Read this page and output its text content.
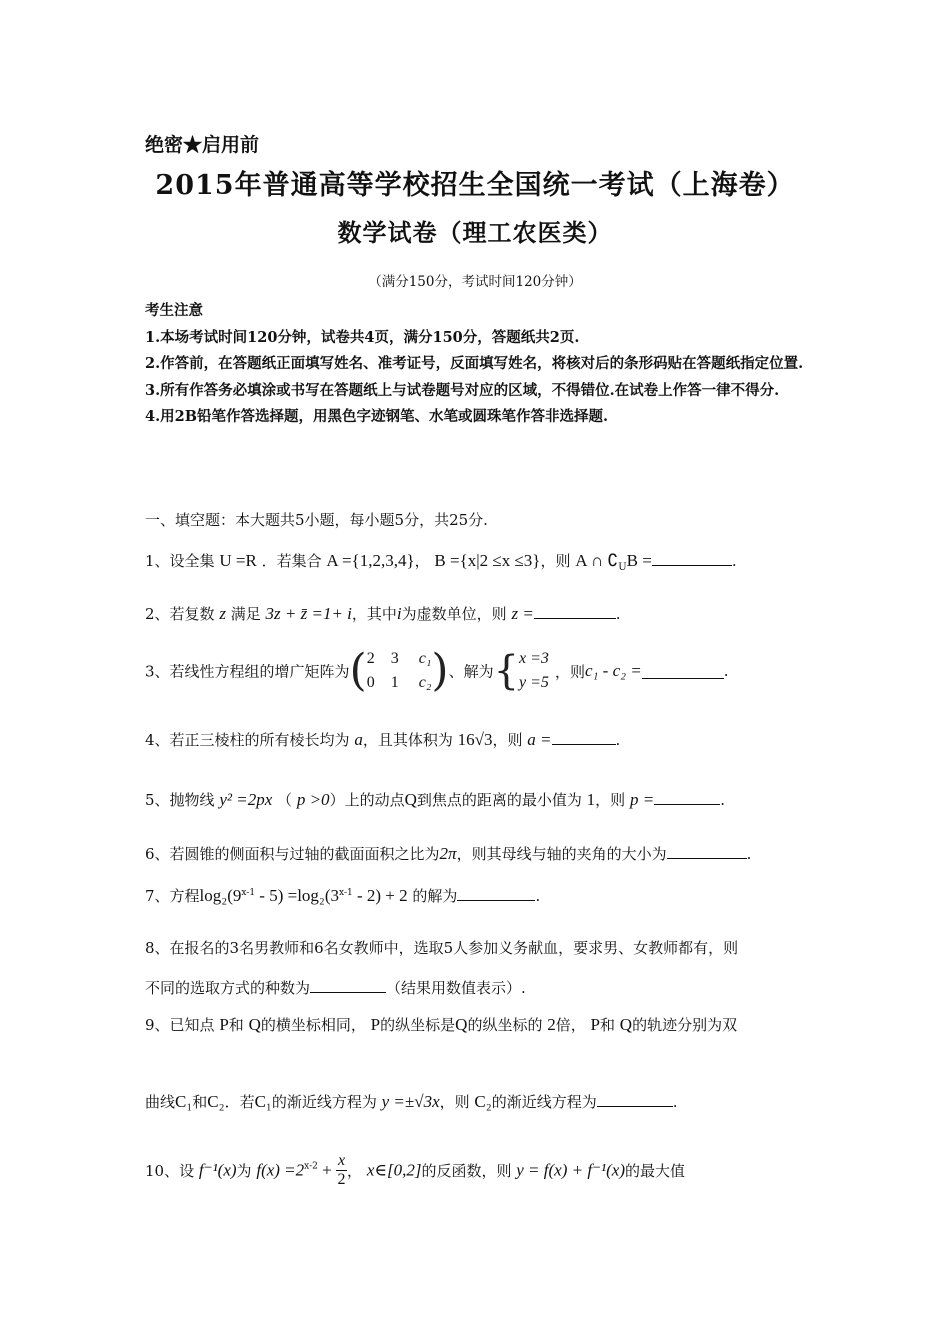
绝密★启用前
2015年普通高等学校招生全国统一考试（上海卷）
数学试卷（理工农医类）
（满分150分，考试时间120分钟）
考生注意
1.本场考试时间120分钟，试卷共4页，满分150分，答题纸共2页.
2.作答前，在答题纸正面填写姓名、准考证号，反面填写姓名，将核对后的条形码贴在答题纸指定位置.
3.所有作答务必填涂或书写在答题纸上与试卷题号对应的区域，不得错位.在试卷上作答一律不得分.
4.用2B铅笔作答选择题，用黑色字迹钢笔、水笔或圆珠笔作答非选择题.
一、填空题：本大题共5小题，每小题5分，共25分.
1、设全集 U =R ．若集合 A ={1,2,3,4}， B ={x|2 ≤x ≤3}，则 A ∩ $∁_UB$ =	.
2、若复数 z 满足 3z + z̄ =1+ i，其中i为虚数单位，则 z =	.
3、若线性方程组的增广矩阵为( 2 3 c₁
0 1 c₂ )、解为{ x =3
y =5
，则c₁ - c₂ =	.
4、若正三棱柱的所有棱长均为 a，且其体积为 16√3，则 a =	.
5、抛物线 y² =2px （ p >0）上的动点Q到焦点的距离的最小值为 1，则 p =	.
6、若圆锥的侧面积与过轴的截面面积之比为2π，则其母线与轴的夹角的大小为	.
7、方程$\log_2(9^{x-1} - 5) =\log_2(3^{x-1} - 2) + 2$ 的解为	.
8、在报名的3名男教师和6名女教师中，选取5人参加义务献血，要求男、女教师都有，则
不同的选取方式的种数为	（结果用数值表示）.
9、已知点 P和 Q的横坐标相同， P的纵坐标是Q的纵坐标的 2倍， P和 Q的轨迹分别为双
曲线C₁和C₂．若C₁的渐近线方程为 y =±√3x，则 C₂的渐近线方程为	.
10、设 f⁻¹(x)为 $f(x) =2^{x-2} + \frac{x}{2}$ ， x∈[0,2]的反函数，则 y = f(x) + f⁻¹(x)的最大值
